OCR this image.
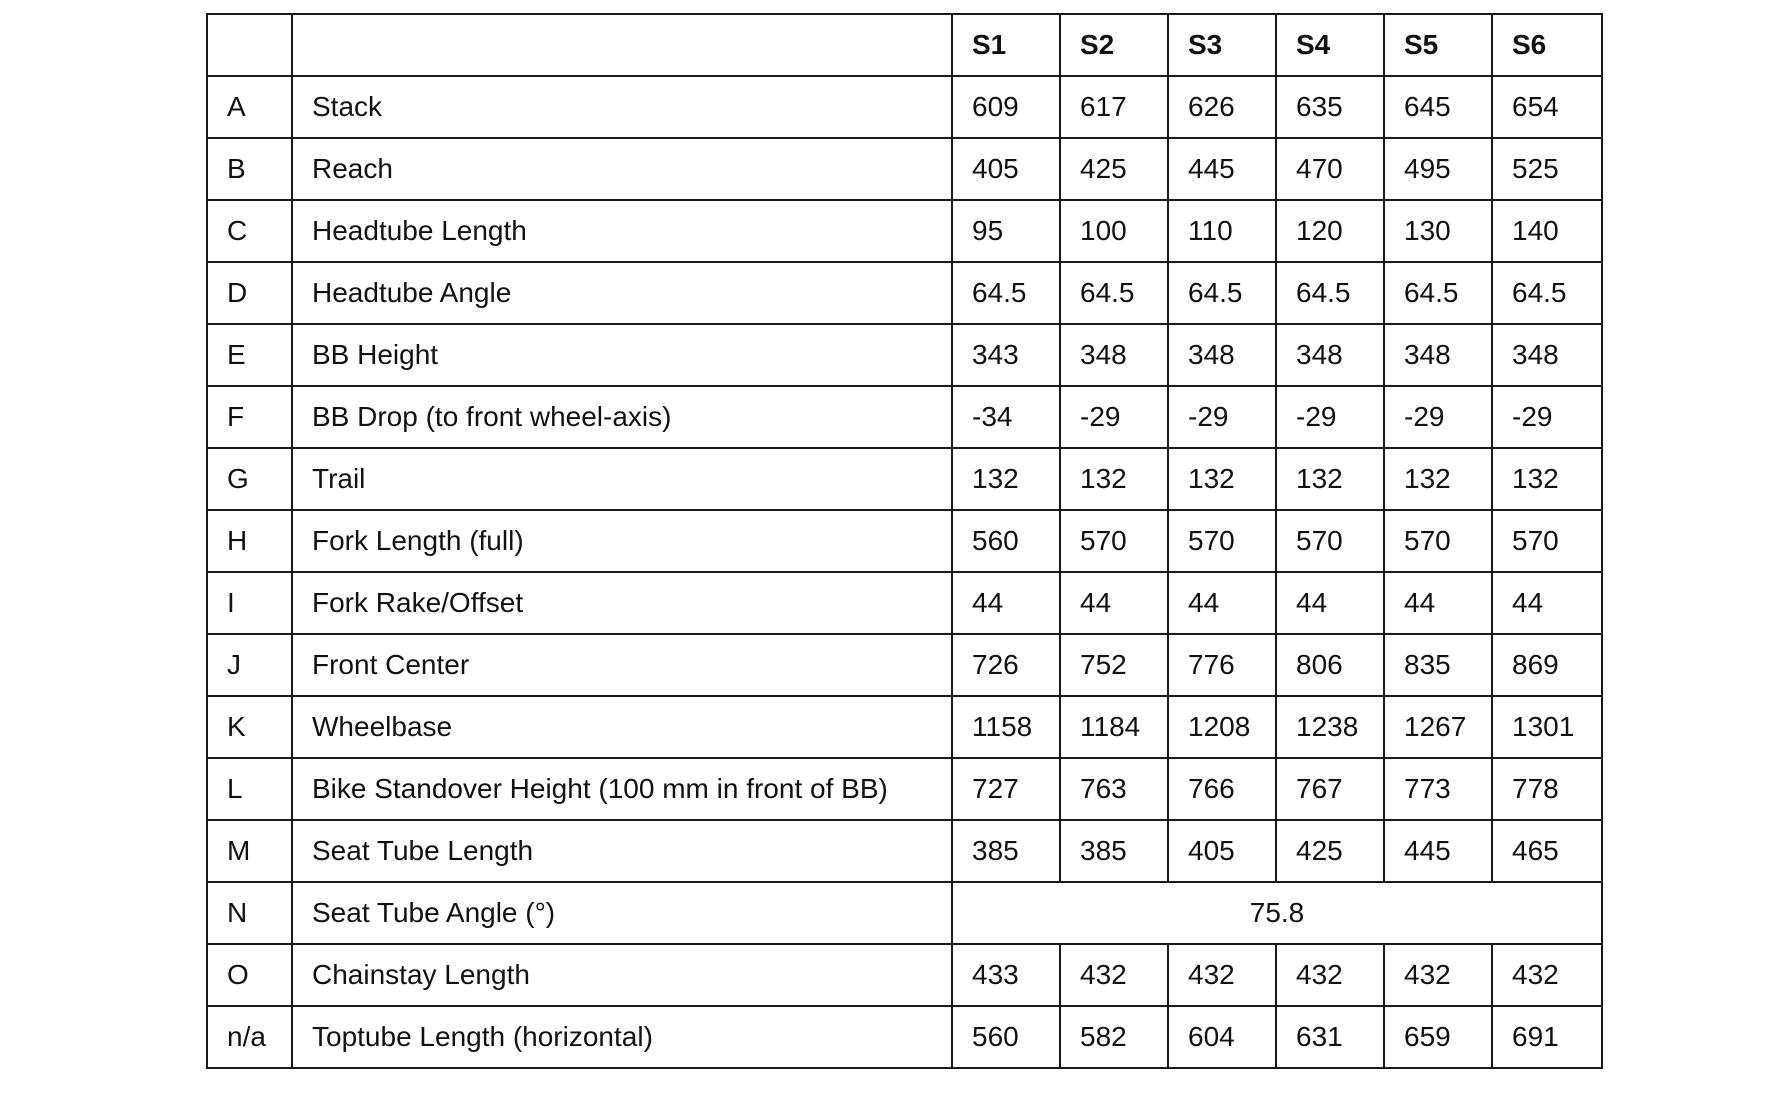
		S1	S2	S3	S4	S5	S6
A	Stack	609	617	626	635	645	654
B	Reach	405	425	445	470	495	525
C	Headtube Length	95	100	110	120	130	140
D	Headtube Angle	64.5	64.5	64.5	64.5	64.5	64.5
E	BB Height	343	348	348	348	348	348
F	BB Drop (to front wheel-axis)	-34	-29	-29	-29	-29	-29
G	Trail	132	132	132	132	132	132
H	Fork Length (full)	560	570	570	570	570	570
I	Fork Rake/Offset	44	44	44	44	44	44
J	Front Center	726	752	776	806	835	869
K	Wheelbase	1158	1184	1208	1238	1267	1301
L	Bike Standover Height (100 mm in front of BB)	727	763	766	767	773	778
M	Seat Tube Length	385	385	405	425	445	465
N	Seat Tube Angle (°)	75.8					
O	Chainstay Length	433	432	432	432	432	432
n/a	Toptube Length (horizontal)	560	582	604	631	659	691
